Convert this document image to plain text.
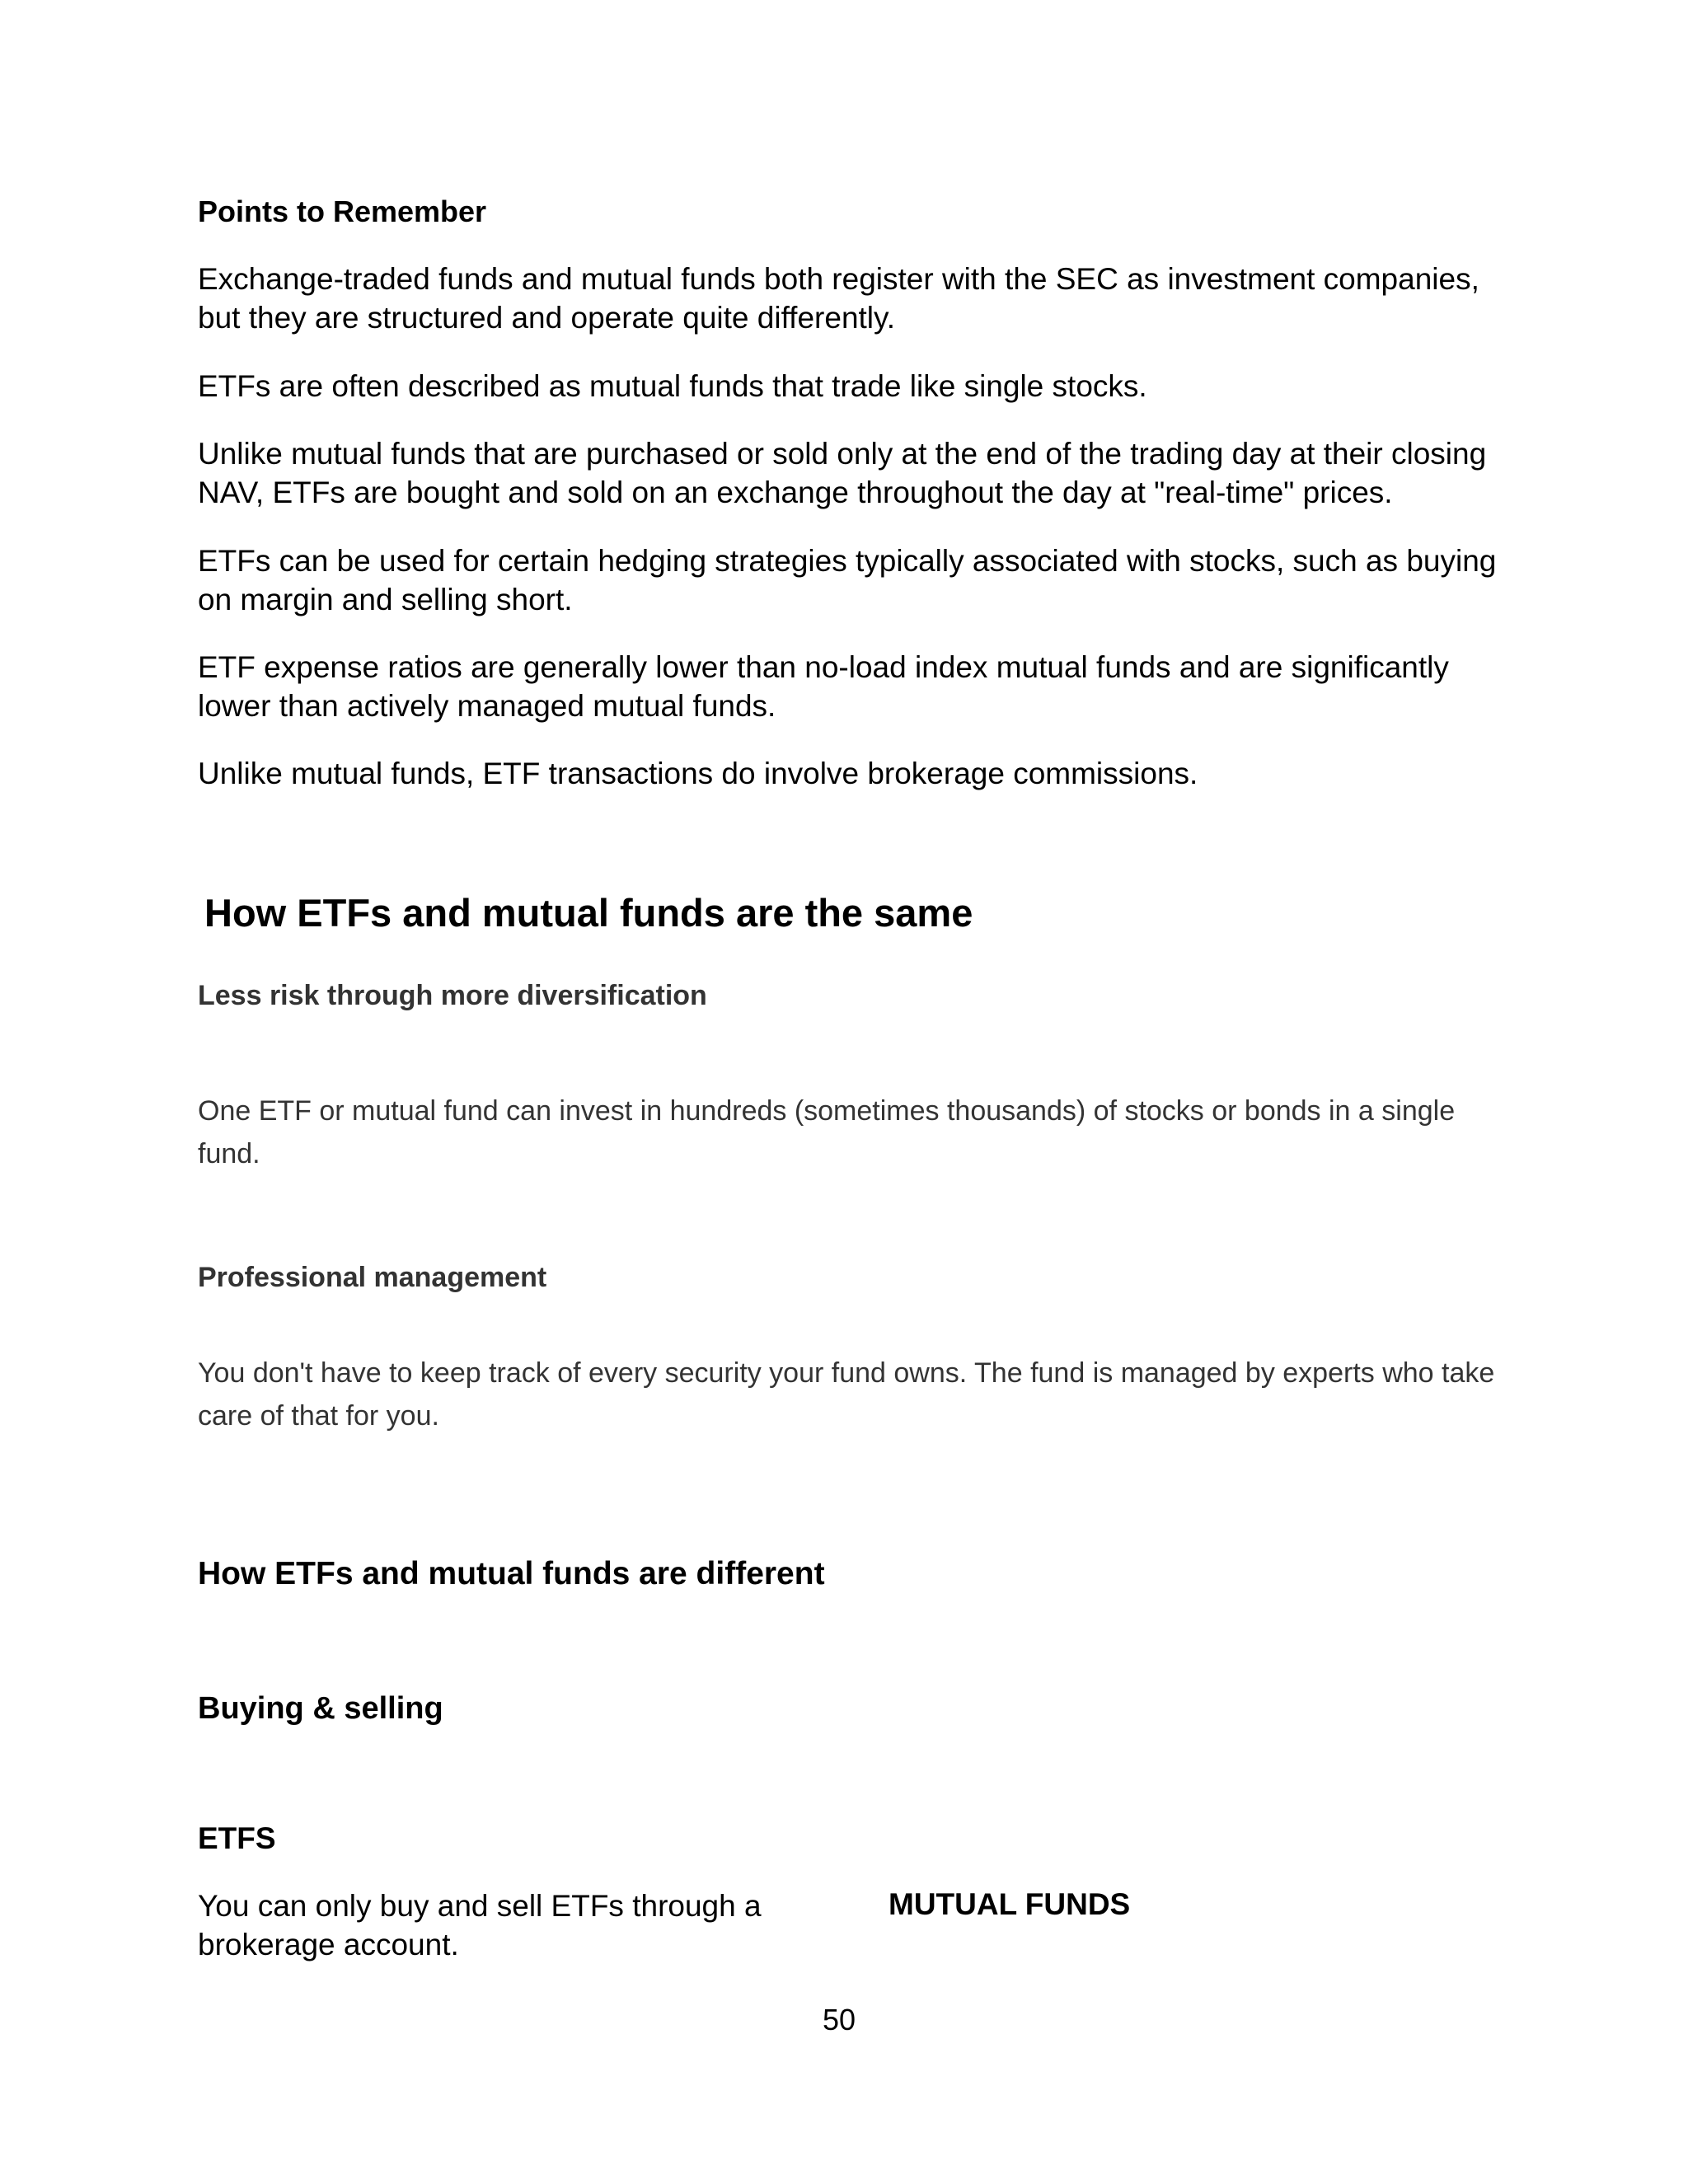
Points to Remember

Exchange-traded funds and mutual funds both register with the SEC as investment companies, but they are structured and operate quite differently.

ETFs are often described as mutual funds that trade like single stocks.

Unlike mutual funds that are purchased or sold only at the end of the trading day at their closing NAV, ETFs are bought and sold on an exchange throughout the day at "real-time" prices.

ETFs can be used for certain hedging strategies typically associated with stocks, such as buying on margin and selling short.

ETF expense ratios are generally lower than no-load index mutual funds and are significantly lower than actively managed mutual funds.

Unlike mutual funds, ETF transactions do involve brokerage commissions.

How ETFs and mutual funds are the same

Less risk through more diversification

One ETF or mutual fund can invest in hundreds (sometimes thousands) of stocks or bonds in a single fund.

Professional management

You don't have to keep track of every security your fund owns. The fund is managed by experts who take care of that for you.

How ETFs and mutual funds are different
Buying & selling

ETFS

You can only buy and sell ETFs through a brokerage account.

MUTUAL FUNDS

50
